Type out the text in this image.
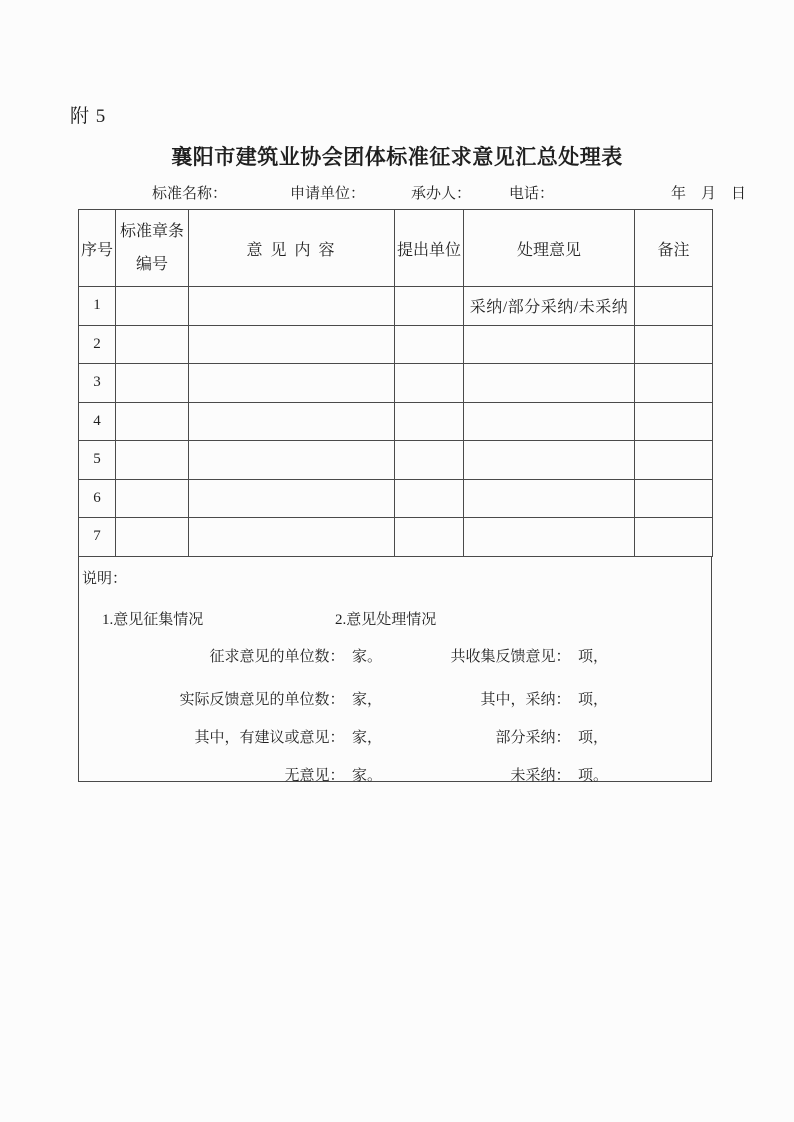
附 5
襄阳市建筑业协会团体标准征求意见汇总处理表
标准名称：	申请单位：	承办人：	电话：	年　月　日
序号	标准章条编号	意 见 内 容	提出单位	处理意见	备注
1				采纳/部分采纳/未采纳	
2					
3					
4					
5					
6					
7					
说明：
1.意见征集情况	2.意见处理情况
征求意见的单位数：　家。
实际反馈意见的单位数：　家，
其中，有建议或意见：　家，
无意见：　家。
共收集反馈意见：　项，
其中，采纳：　项，
部分采纳：　项，
未采纳：　项。
